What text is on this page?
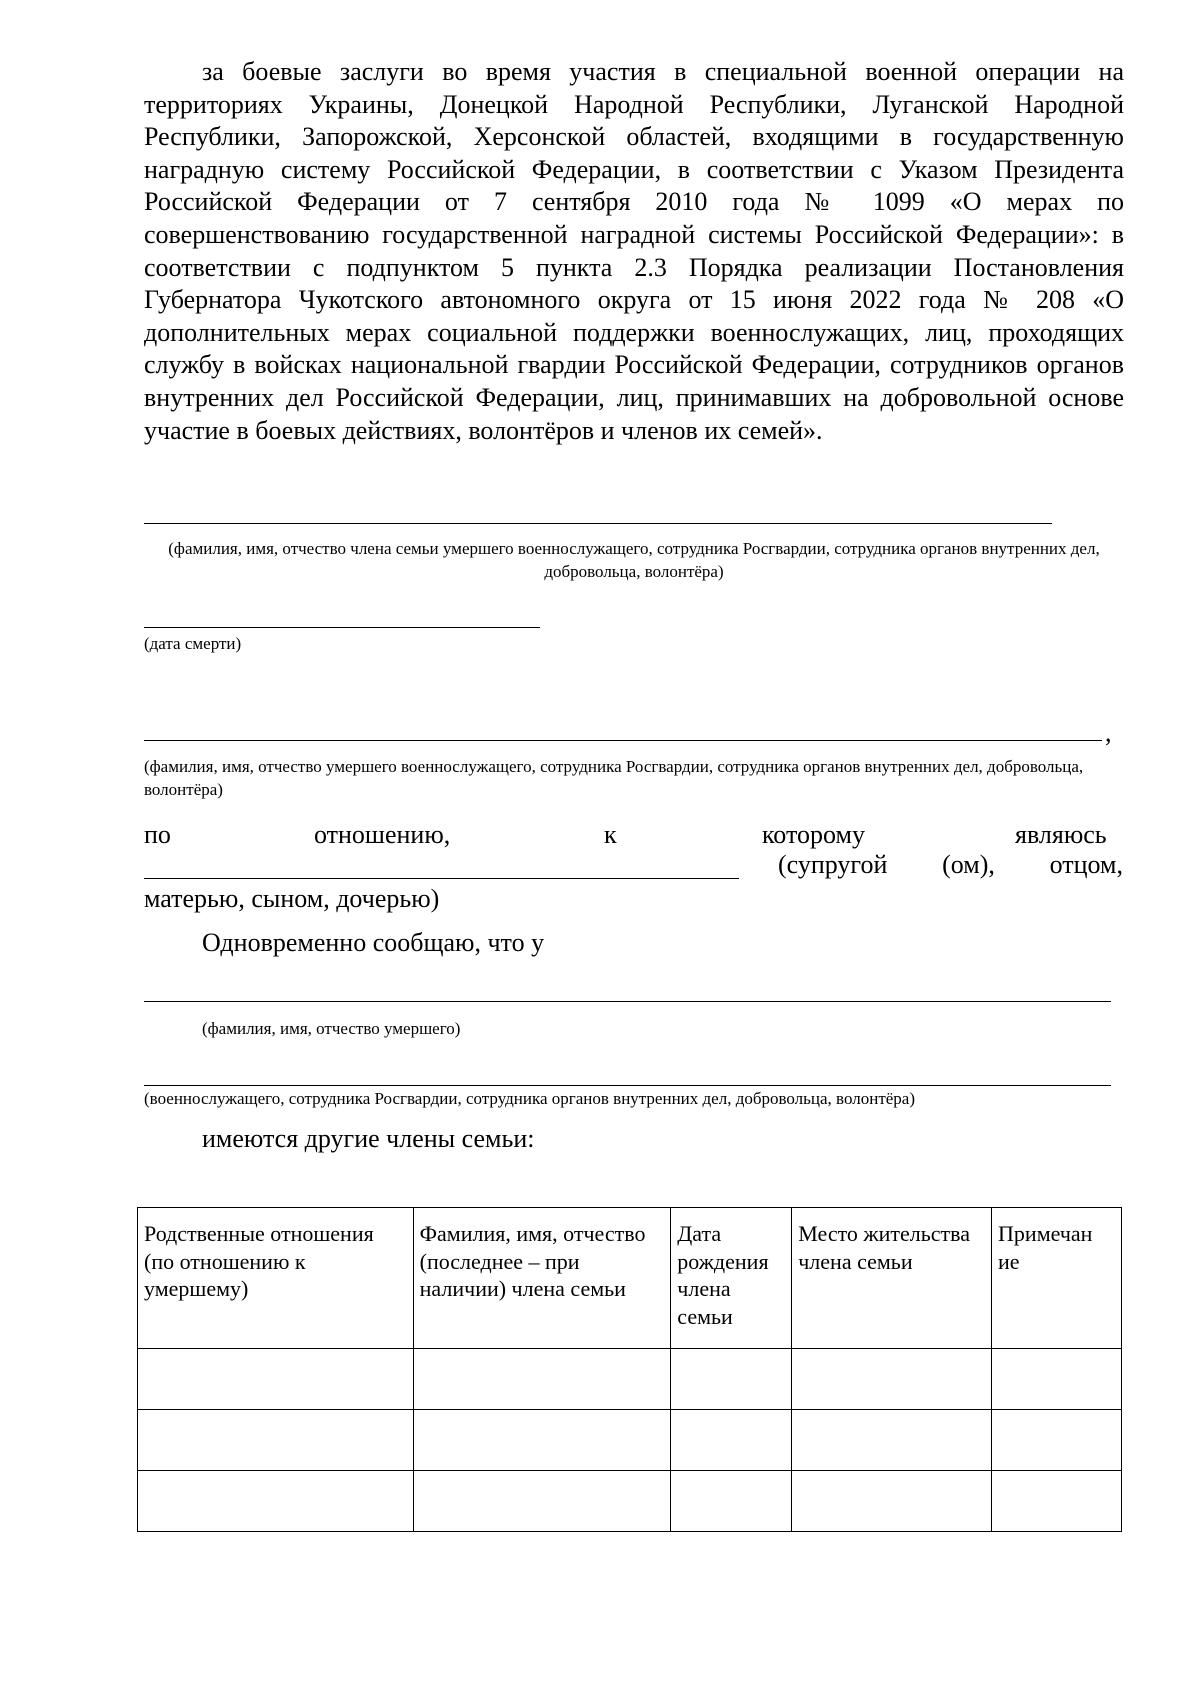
за боевые заслуги во время участия в специальной военной операции на территориях Украины, Донецкой Народной Республики, Луганской Народной Республики, Запорожской, Херсонской областей, входящими в государственную наградную систему Российской Федерации, в соответствии с Указом Президента Российской Федерации от 7 сентября 2010 года № 1099 «О мерах по совершенствованию государственной наградной системы Российской Федерации»: в соответствии с подпунктом 5 пункта 2.3 Порядка реализации Постановления Губернатора Чукотского автономного округа от 15 июня 2022 года № 208 «О дополнительных мерах социальной поддержки военнослужащих, лиц, проходящих службу в войсках национальной гвардии Российской Федерации, сотрудников органов внутренних дел Российской Федерации, лиц, принимавших на добровольной основе участие в боевых действиях, волонтёров и членов их семей».

(фамилия, имя, отчество члена семьи умершего военнослужащего, сотрудника Росгвардии, сотрудника органов внутренних дел, добровольца, волонтёра)
(дата смерти)
,
(фамилия, имя, отчество умершего военнослужащего, сотрудника Росгвардии, сотрудника органов внутренних дел, добровольца, волонтёра)
по	отношению,	к	которому	являюсь
(супругой (ом), отцом,
матерью, сыном, дочерью)
Одновременно сообщаю, что у
(фамилия, имя, отчество умершего)
(военнослужащего, сотрудника Росгвардии, сотрудника органов внутренних дел, добровольца, волонтёра)
имеются другие члены семьи:
Родственные отношения (по отношению к умершему)	Фамилия, имя, отчество (последнее – при наличии) члена семьи	Дата рождения члена семьи	Место жительства члена семьи	Примечан ие
